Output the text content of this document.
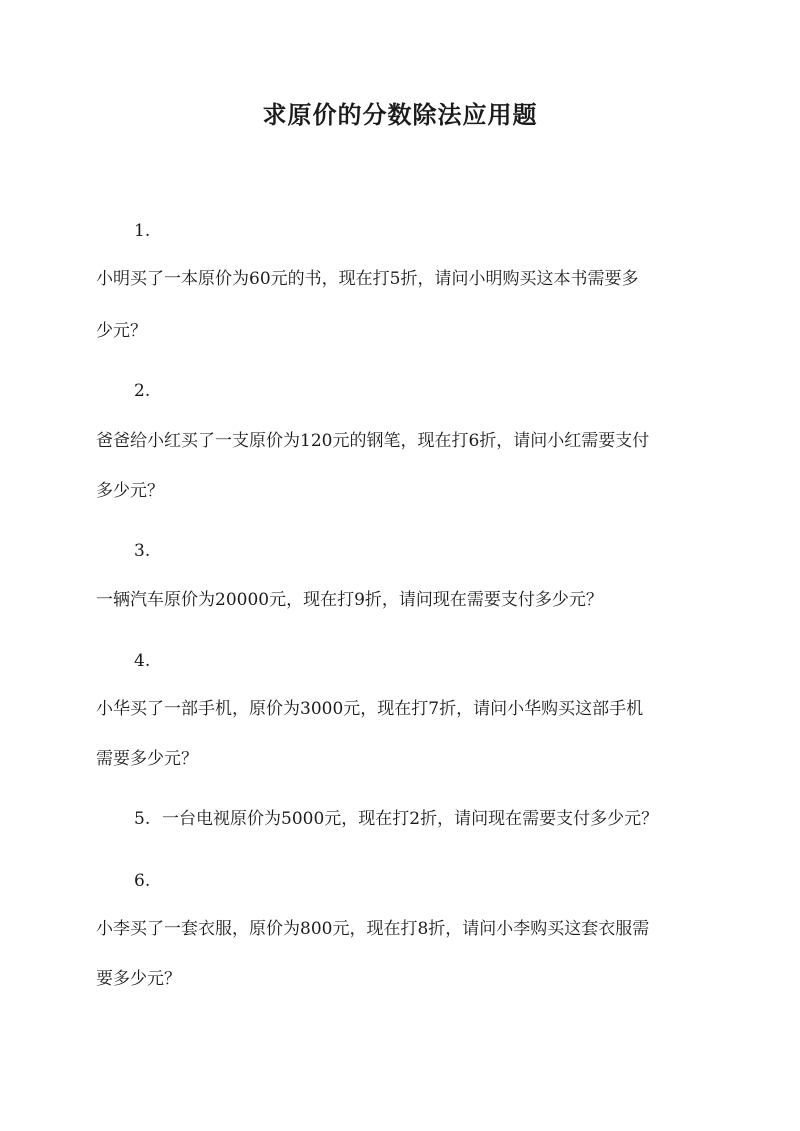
求原价的分数除法应用题
1.
小明买了一本原价为60元的书，现在打5折，请问小明购买这本书需要多
少元？
2.
爸爸给小红买了一支原价为120元的钢笔，现在打6折，请问小红需要支付
多少元？
3.
一辆汽车原价为20000元，现在打9折，请问现在需要支付多少元？
4.
小华买了一部手机，原价为3000元，现在打7折，请问小华购买这部手机
需要多少元？
5. 一台电视原价为5000元，现在打2折，请问现在需要支付多少元？
6.
小李买了一套衣服，原价为800元，现在打8折，请问小李购买这套衣服需
要多少元？
